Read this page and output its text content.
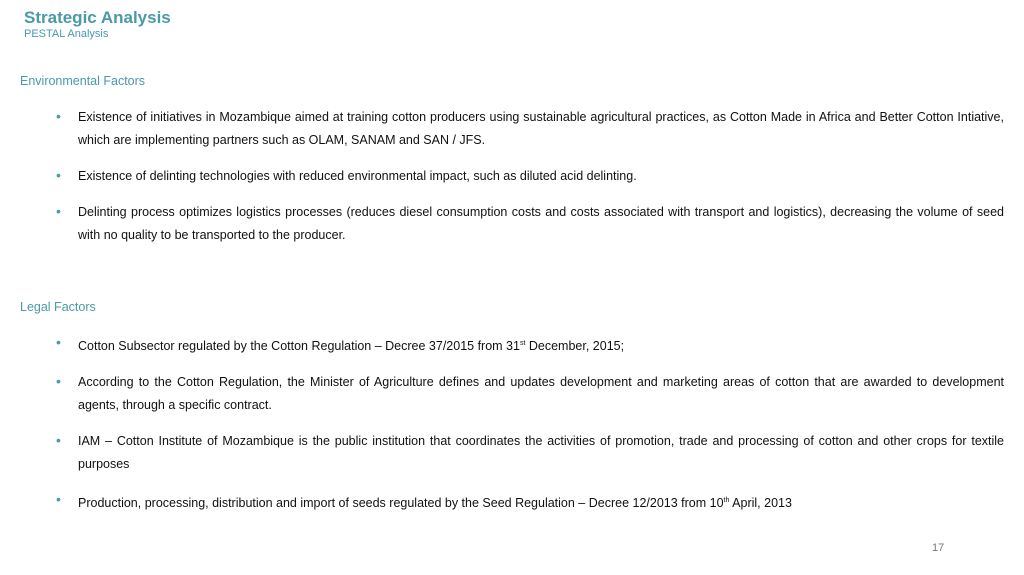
Strategic Analysis
PESTAL Analysis
Environmental Factors
• Existence of initiatives in Mozambique aimed at training cotton producers using sustainable agricultural practices, as Cotton Made in Africa and Better Cotton Intiative, which are implementing partners such as OLAM, SANAM and SAN / JFS.
• Existence of delinting technologies with reduced environmental impact, such as diluted acid delinting.
• Delinting process optimizes logistics processes (reduces diesel consumption costs and costs associated with transport and logistics), decreasing the volume of seed with no quality to be transported to the producer.
Legal Factors
• Cotton Subsector regulated by the Cotton Regulation – Decree 37/2015 from 31st December, 2015;
• According to the Cotton Regulation, the Minister of Agriculture defines and updates development and marketing areas of cotton that are awarded to development agents, through a specific contract.
• IAM – Cotton Institute of Mozambique is the public institution that coordinates the activities of promotion, trade and processing of cotton and other crops for textile purposes
• Production, processing, distribution and import of seeds regulated by the Seed Regulation – Decree 12/2013 from 10th April, 2013
17
